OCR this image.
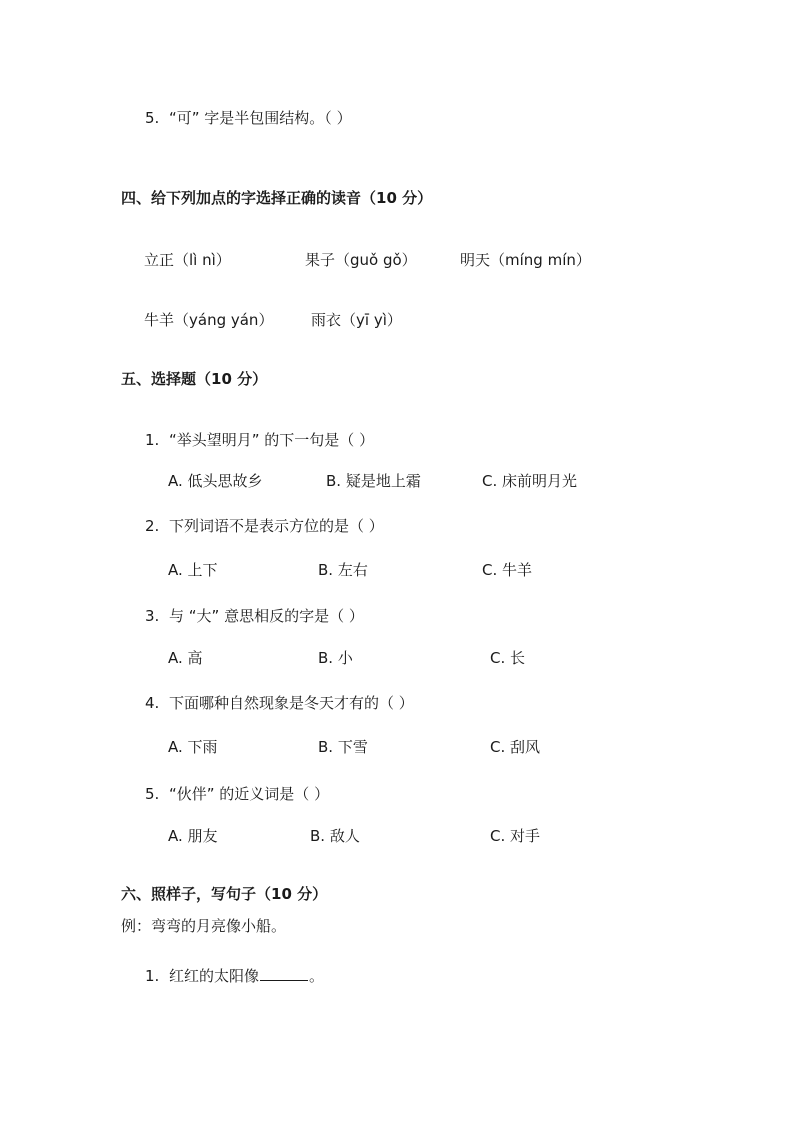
5. “可” 字是半包围结构。（ ）
四、给下列加点的字选择正确的读音（10 分）
立正（lì nì）	果子（guǒ gǒ）	明天（míng mín）
牛羊（yáng yán）	雨衣（yī yì）
五、选择题（10 分）
1. “举头望明月” 的下一句是（ ）
A. 低头思故乡	B. 疑是地上霜	C. 床前明月光
2. 下列词语不是表示方位的是（ ）
A. 上下	B. 左右	C. 牛羊
3. 与 “大” 意思相反的字是（ ）
A. 高	B. 小	C. 长
4. 下面哪种自然现象是冬天才有的（ ）
A. 下雨	B. 下雪	C. 刮风
5. “伙伴” 的近义词是（ ）
A. 朋友	B. 敌人	C. 对手
六、照样子，写句子（10 分）
例：弯弯的月亮像小船。
1. 红红的太阳像	。
